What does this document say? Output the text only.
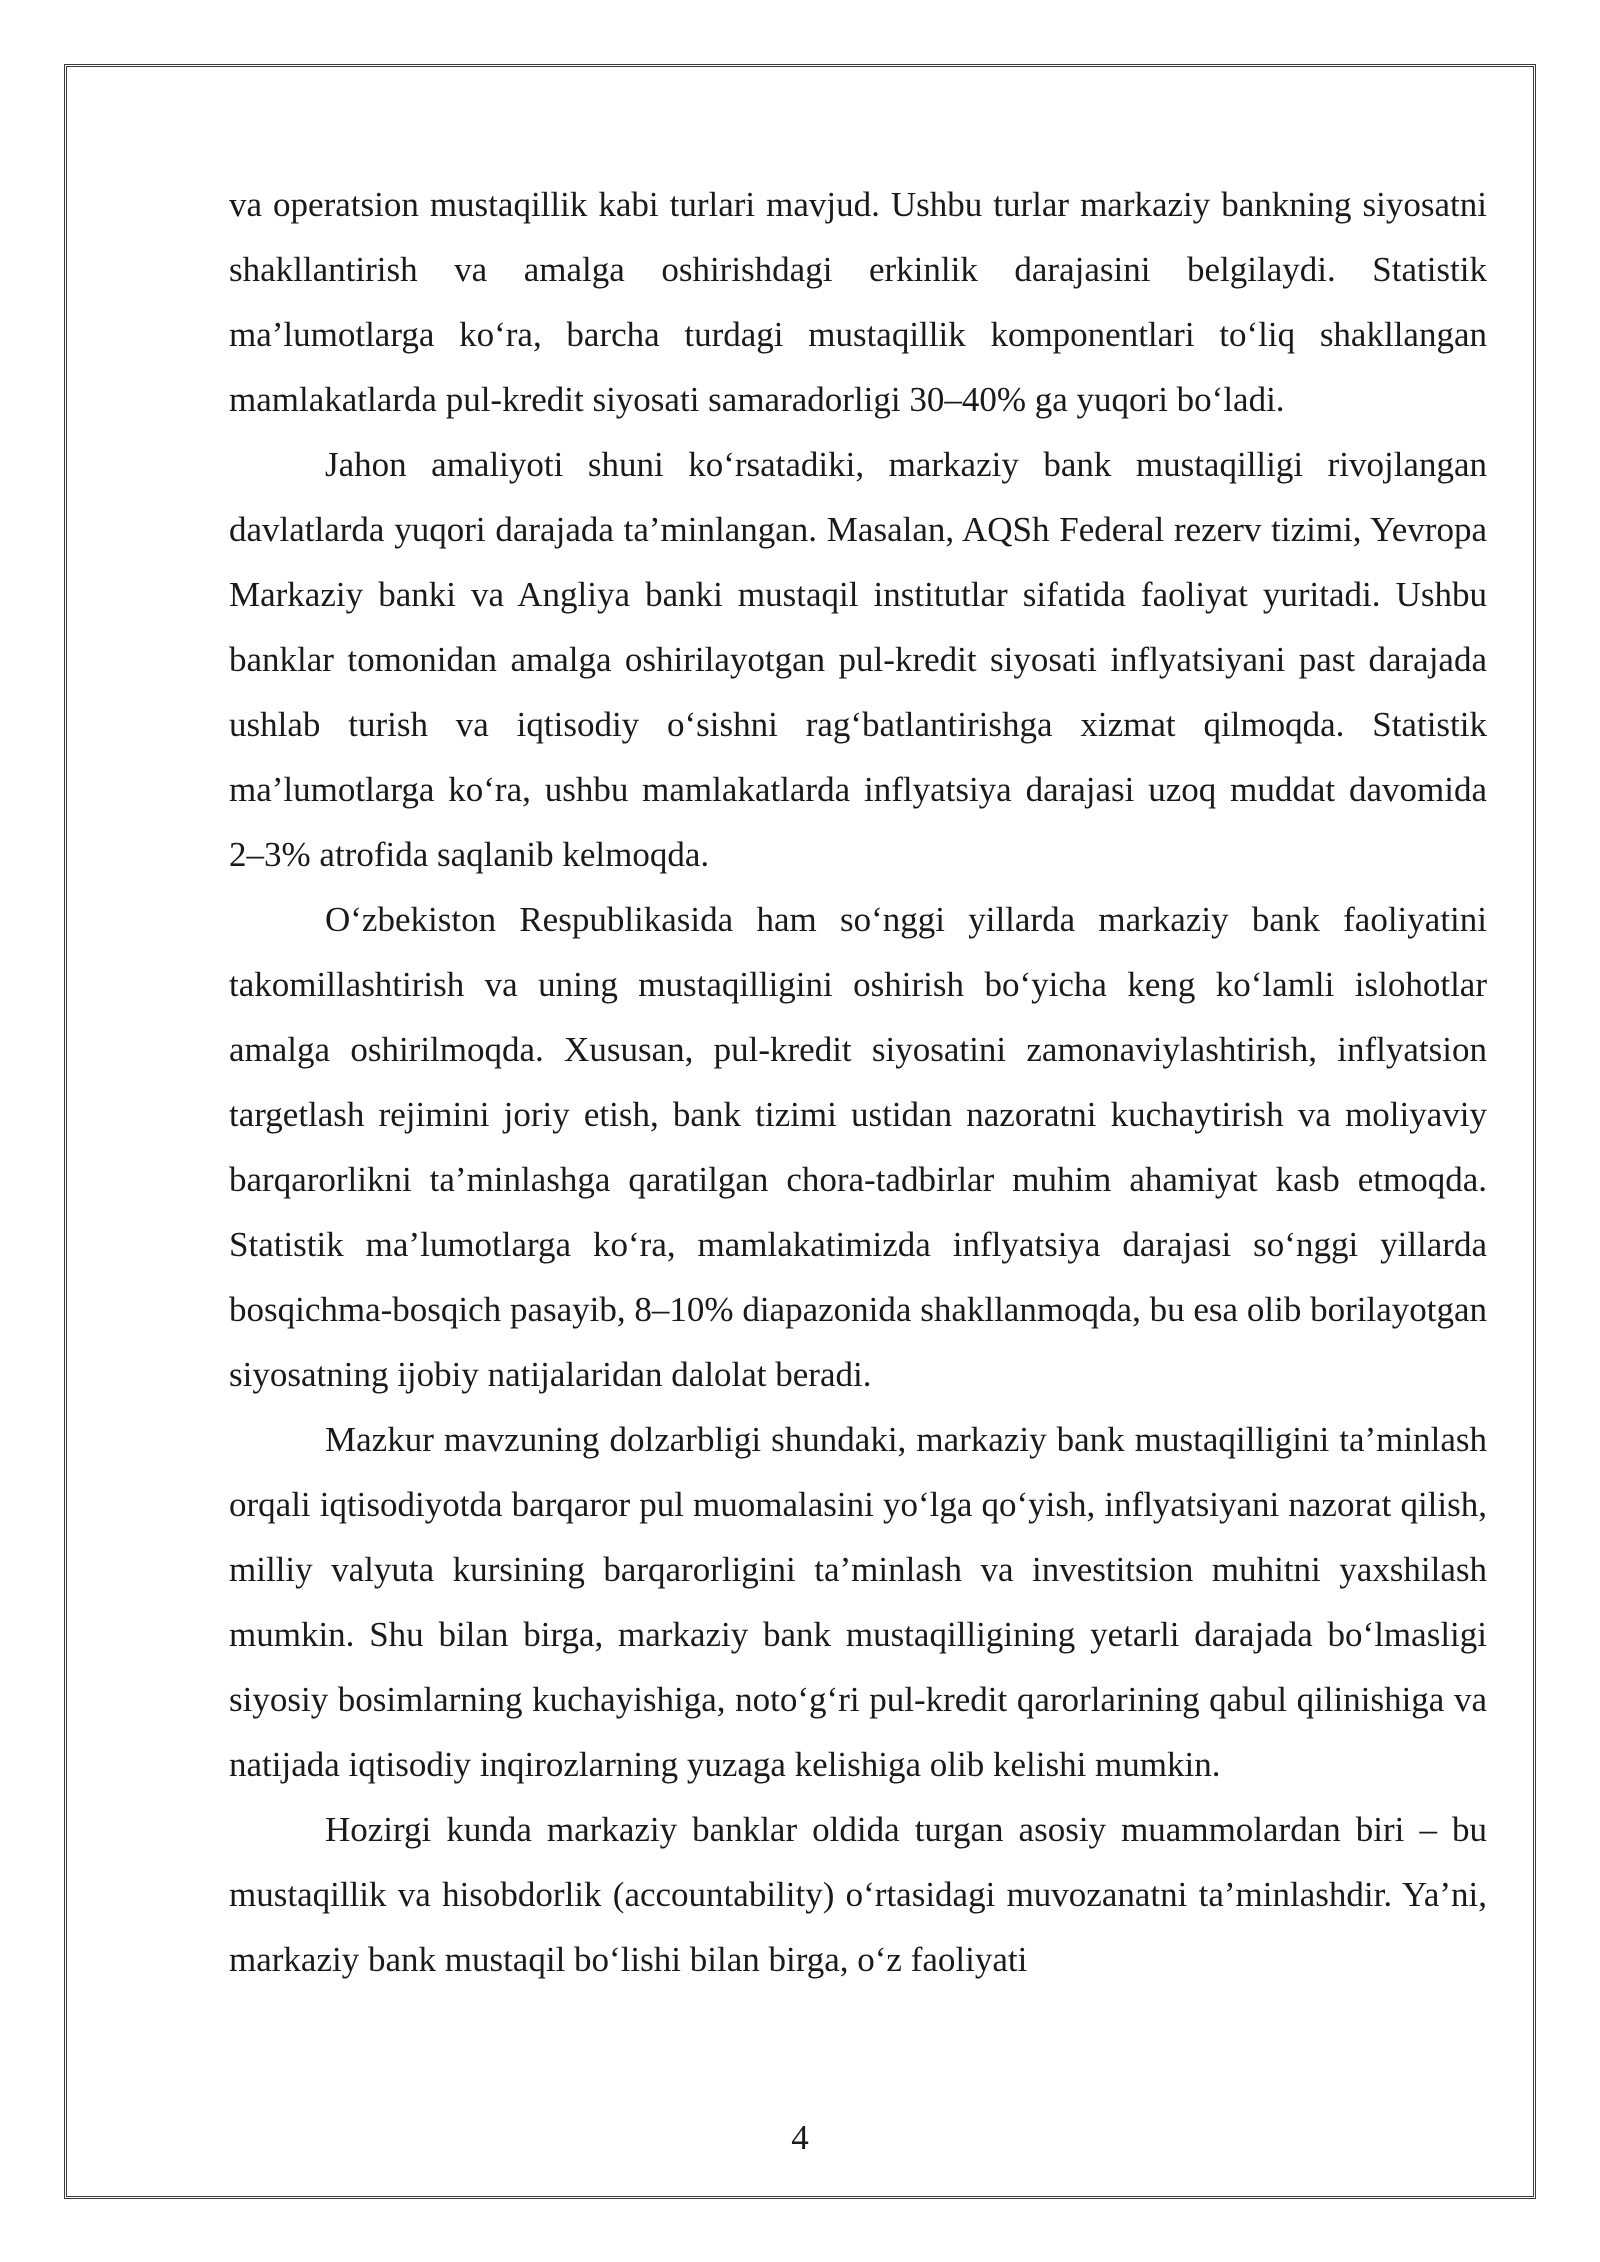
va operatsion mustaqillik kabi turlari mavjud. Ushbu turlar markaziy bankning siyosatni shakllantirish va amalga oshirishdagi erkinlik darajasini belgilaydi. Statistik ma’lumotlarga ko‘ra, barcha turdagi mustaqillik komponentlari to‘liq shakllangan mamlakatlarda pul-kredit siyosati samaradorligi 30–40% ga yuqori bo‘ladi.

Jahon amaliyoti shuni ko‘rsatadiki, markaziy bank mustaqilligi rivojlangan davlatlarda yuqori darajada ta’minlangan. Masalan, AQSh Federal rezerv tizimi, Yevropa Markaziy banki va Angliya banki mustaqil institutlar sifatida faoliyat yuritadi. Ushbu banklar tomonidan amalga oshirilayotgan pul-kredit siyosati inflyatsiyani past darajada ushlab turish va iqtisodiy o‘sishni rag‘batlantirishga xizmat qilmoqda. Statistik ma’lumotlarga ko‘ra, ushbu mamlakatlarda inflyatsiya darajasi uzoq muddat davomida 2–3% atrofida saqlanib kelmoqda.

O‘zbekiston Respublikasida ham so‘nggi yillarda markaziy bank faoliyatini takomillashtirish va uning mustaqilligini oshirish bo‘yicha keng ko‘lamli islohotlar amalga oshirilmoqda. Xususan, pul-kredit siyosatini zamonaviylashtirish, inflyatsion targetlash rejimini joriy etish, bank tizimi ustidan nazoratni kuchaytirish va moliyaviy barqarorlikni ta’minlashga qaratilgan chora-tadbirlar muhim ahamiyat kasb etmoqda. Statistik ma’lumotlarga ko‘ra, mamlakatimizda inflyatsiya darajasi so‘nggi yillarda bosqichma-bosqich pasayib, 8–10% diapazonida shakllanmoqda, bu esa olib borilayotgan siyosatning ijobiy natijalaridan dalolat beradi.

Mazkur mavzuning dolzarbligi shundaki, markaziy bank mustaqilligini ta’minlash orqali iqtisodiyotda barqaror pul muomalasini yo‘lga qo‘yish, inflyatsiyani nazorat qilish, milliy valyuta kursining barqarorligini ta’minlash va investitsion muhitni yaxshilash mumkin. Shu bilan birga, markaziy bank mustaqilligining yetarli darajada bo‘lmasligi siyosiy bosimlarning kuchayishiga, noto‘g‘ri pul-kredit qarorlarining qabul qilinishiga va natijada iqtisodiy inqirozlarning yuzaga kelishiga olib kelishi mumkin.

Hozirgi kunda markaziy banklar oldida turgan asosiy muammolardan biri – bu mustaqillik va hisobdorlik (accountability) o‘rtasidagi muvozanatni ta’minlashdir. Ya’ni, markaziy bank mustaqil bo‘lishi bilan birga, o‘z faoliyati

4
